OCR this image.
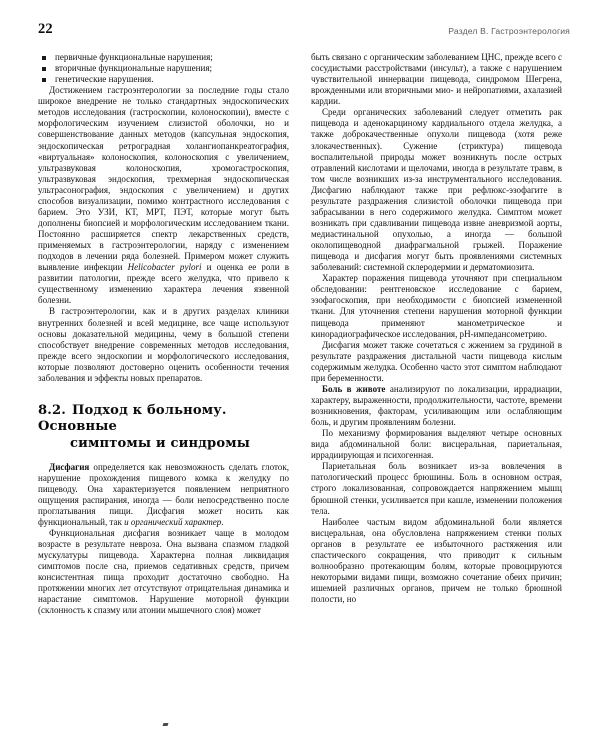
22	Раздел В. Гастроэнтерология
первичные функциональные нарушения;
вторичные функциональные нарушения;
генетические нарушения.

Достижением гастроэнтерологии за последние годы стало широкое внедрение не только стандартных эндоскопических методов исследования (гастроскопии, колоноскопии), вместе с морфологическим изучением слизистой оболочки, но и совершенствование данных методов (капсульная эндоскопия, эндоскопическая ретроградная холангиопанкреатография, «виртуальная» колоноскопия, колоноскопия с увеличением, ультразвуковая колоноскопия, хромогастроскопия, ультразвуковая эндоскопия, трехмерная эндоскопическая ультрасонография, эндоскопия с увеличением) и других способов визуализации, помимо контрастного исследования с барием. Это УЗИ, КТ, МРТ, ПЭТ, которые могут быть дополнены биопсией и морфологическим исследованием ткани. Постоянно расширяется спектр лекарственных средств, применяемых в гастроэнтерологии, наряду с изменением подходов в лечении ряда болезней. Примером может служить выявление инфекции Helicobacter pylori и оценка ее роли в развитии патологии, прежде всего желудка, что привело к существенному изменению характера лечения язвенной болезни.

В гастроэнтерологии, как и в других разделах клиники внутренних болезней и всей медицине, все чаще используют основы доказательной медицины, чему в большой степени способствует внедрение современных методов исследования, прежде всего эндоскопии и морфологического исследования, которые позволяют достоверно оценить особенности течения заболевания и эффекты новых препаратов.

8.2. Подход к больному. Основные
симптомы и синдромы

Дисфагия определяется как невозможность сделать глоток, нарушение прохождения пищевого комка к желудку по пищеводу. Она характеризуется появлением неприятного ощущения распирания, иногда — боли непосредственно после проглатывания пищи. Дисфагия может носить как функциональный, так и органический характер.

Функциональная дисфагия возникает чаще в молодом возрасте в результате невроза. Она вызвана спазмом гладкой мускулатуры пищевода. Характерна полная ликвидация симптомов после сна, приемов седативных средств, причем консистентная пища проходит достаточно свободно. На протяжении многих лет отсутствуют отрицательная динамика и нарастание симптомов. Нарушение моторной функции (склонность к спазму или атонии мышечного слоя) может

быть связано с органическим заболеванием ЦНС, прежде всего с сосудистыми расстройствами (инсульт), а также с нарушением чувствительной иннервации пищевода, синдромом Шегрена, врожденными или вторичными мио- и нейропатиями, ахалазией кардии.

Среди органических заболеваний следует отметить рак пищевода и аденокарциному кардиального отдела желудка, а также доброкачественные опухоли пищевода (хотя реже злокачественных). Сужение (стриктура) пищевода воспалительной природы может возникнуть после острых отравлений кислотами и щелочами, иногда в результате травм, в том числе возникших из-за инструментального исследования. Дисфагию наблюдают также при рефлюкс-эзофагите в результате раздражения слизистой оболочки пищевода при забрасывании в него содержимого желудка. Симптом может возникать при сдавливании пищевода извне аневризмой аорты, медиастинальной опухолью, а иногда — большой околопищеводной диафрагмальной грыжей. Поражение пищевода и дисфагия могут быть проявлениями системных заболеваний: системной склеродермии и дерматомиозита.

Характер поражения пищевода уточняют при специальном обследовании: рентгеновское исследование с барием, эзофагоскопия, при необходимости с биопсией измененной ткани. Для уточнения степени нарушения моторной функции пищевода применяют манометрическое и кинорадиографическое исследования, рН-импедансометрию.

Дисфагия может также сочетаться с жжением за грудиной в результате раздражения дистальной части пищевода кислым содержимым желудка. Особенно часто этот симптом наблюдают при беременности.

Боль в животе анализируют по локализации, иррадиации, характеру, выраженности, продолжительности, частоте, времени возникновения, факторам, усиливающим или ослабляющим боль, и другим проявлениям болезни.

По механизму формирования выделяют четыре основных вида абдоминальной боли: висцеральная, париетальная, иррадиирующая и психогенная.

Париетальная боль возникает из-за вовлечения в патологический процесс брюшины. Боль в основном острая, строго локализованная, сопровождается напряжением мышц брюшной стенки, усиливается при кашле, изменении положения тела.

Наиболее частым видом абдоминальной боли является висцеральная, она обусловлена напряжением стенки полых органов в результате ее избыточного растяжения или спастического сокращения, что приводит к сильным волнообразно протекающим болям, которые провоцируются некоторыми видами пищи, возможно сочетание обеих причин; ишемией различных органов, причем не только брюшной полости, но
